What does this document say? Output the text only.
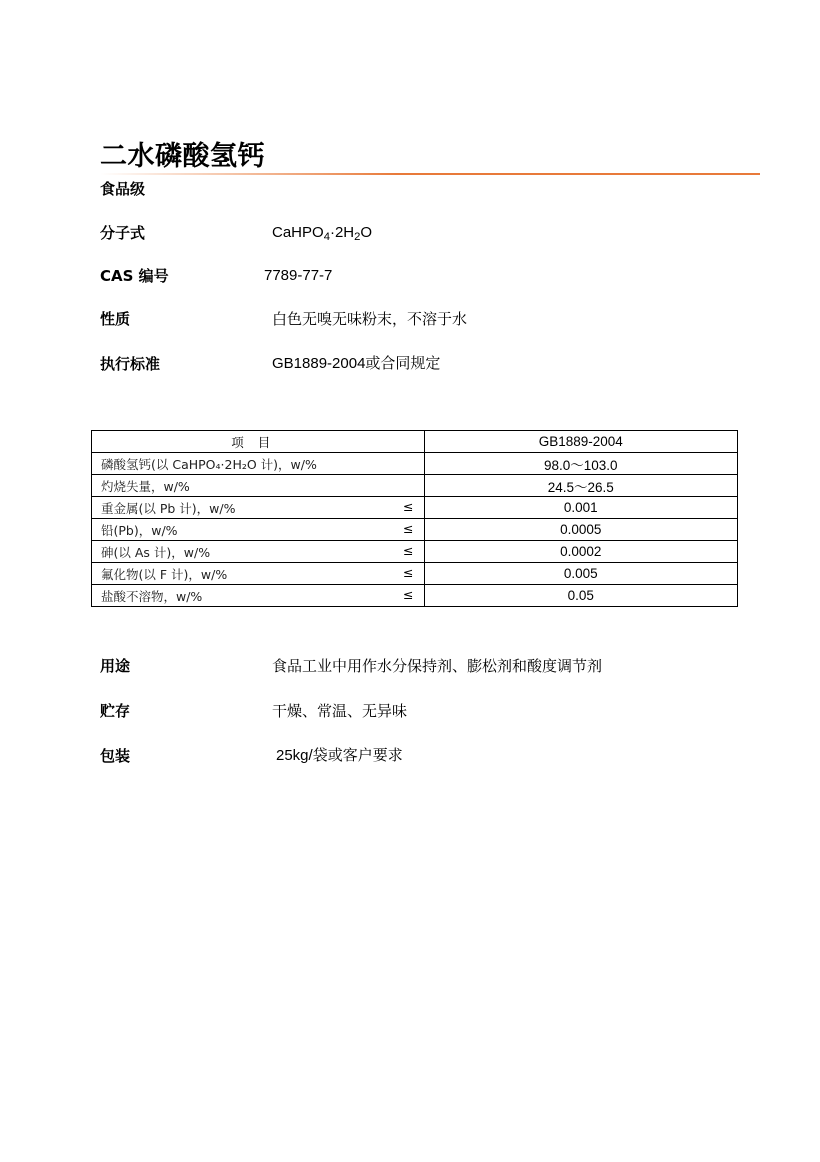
二水磷酸氢钙
食品级
分子式	$CaHPO_4\cdot 2H_2O$
CAS 编号	7789-77-7
性质	白色无嗅无味粉末，不溶于水
执行标准	GB1889-2004或合同规定
项目	GB1889-2004
磷酸氢钙(以 CaHPO₄·2H₂O 计)，w/%	98.0～103.0
灼烧失量，w/%	24.5～26.5
重金属(以 Pb 计)，w/% ≤	0.001
铅(Pb)，w/% ≤	0.0005
砷(以 As 计)，w/% ≤	0.0002
氟化物(以 F 计)，w/% ≤	0.005
盐酸不溶物，w/% ≤	0.05
用途	食品工业中用作水分保持剂、膨松剂和酸度调节剂
贮存	干燥、常温、无异味
包装	25kg/袋或客户要求
